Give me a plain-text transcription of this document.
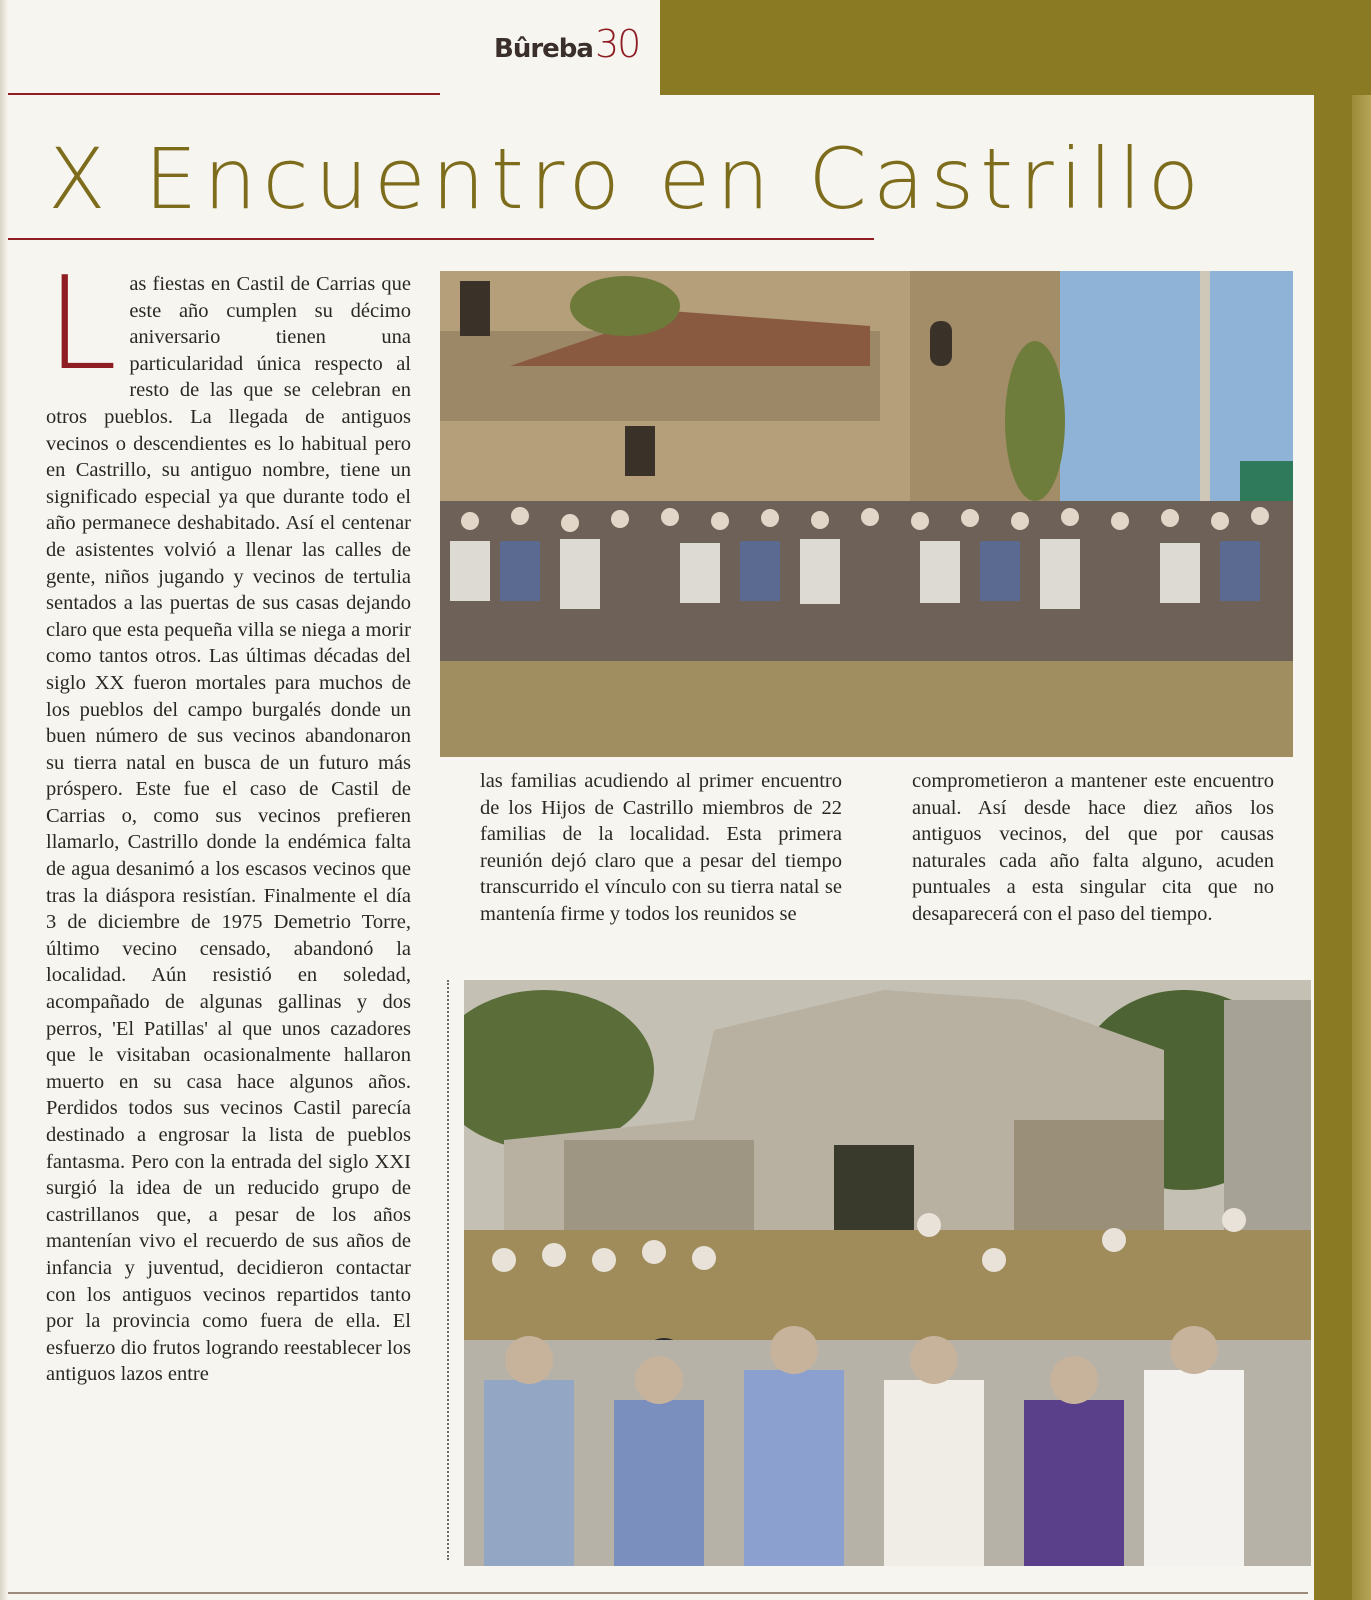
Bûreba 30
X Encuentro en Castrillo
L as fiestas en Castil de Carrias que este año cumplen su décimo aniversario tienen una particularidad única respecto al resto de las que se celebran en otros pueblos. La llegada de antiguos vecinos o descendientes es lo habitual pero en Castrillo, su antiguo nombre, tiene un significado especial ya que durante todo el año permanece deshabitado. Así el centenar de asistentes volvió a llenar las calles de gente, niños jugando y vecinos de tertulia sentados a las puertas de sus casas dejando claro que esta pequeña villa se niega a morir como tantos otros. Las últimas décadas del siglo XX fueron mortales para muchos de los pueblos del campo burgalés donde un buen número de sus vecinos abandonaron su tierra natal en busca de un futuro más próspero. Este fue el caso de Castil de Carrias o, como sus vecinos prefieren llamarlo, Castrillo donde la endémica falta de agua desanimó a los escasos vecinos que tras la diáspora resistían. Finalmente el día 3 de diciembre de 1975 Demetrio Torre, último vecino censado, abandonó la localidad. Aún resistió en soledad, acompañado de algunas gallinas y dos perros, 'El Patillas' al que unos cazadores que le visitaban ocasionalmente hallaron muerto en su casa hace algunos años. Perdidos todos sus vecinos Castil parecía destinado a engrosar la lista de pueblos fantasma. Pero con la entrada del siglo XXI surgió la idea de un reducido grupo de castrillanos que, a pesar de los años mantenían vivo el recuerdo de sus años de infancia y juventud, decidieron contactar con los antiguos vecinos repartidos tanto por la provincia como fuera de ella. El esfuerzo dio frutos logrando reestablecer los antiguos lazos entre
las familias acudiendo al primer encuentro de los Hijos de Castrillo miembros de 22 familias de la localidad. Esta primera reunión dejó claro que a pesar del tiempo transcurrido el vínculo con su tierra natal se mantenía firme y todos los reunidos se
comprometieron a mantener este encuentro anual. Así desde hace diez años los antiguos vecinos, del que por causas naturales cada año falta alguno, acuden puntuales a esta singular cita que no desaparecerá con el paso del tiempo.
